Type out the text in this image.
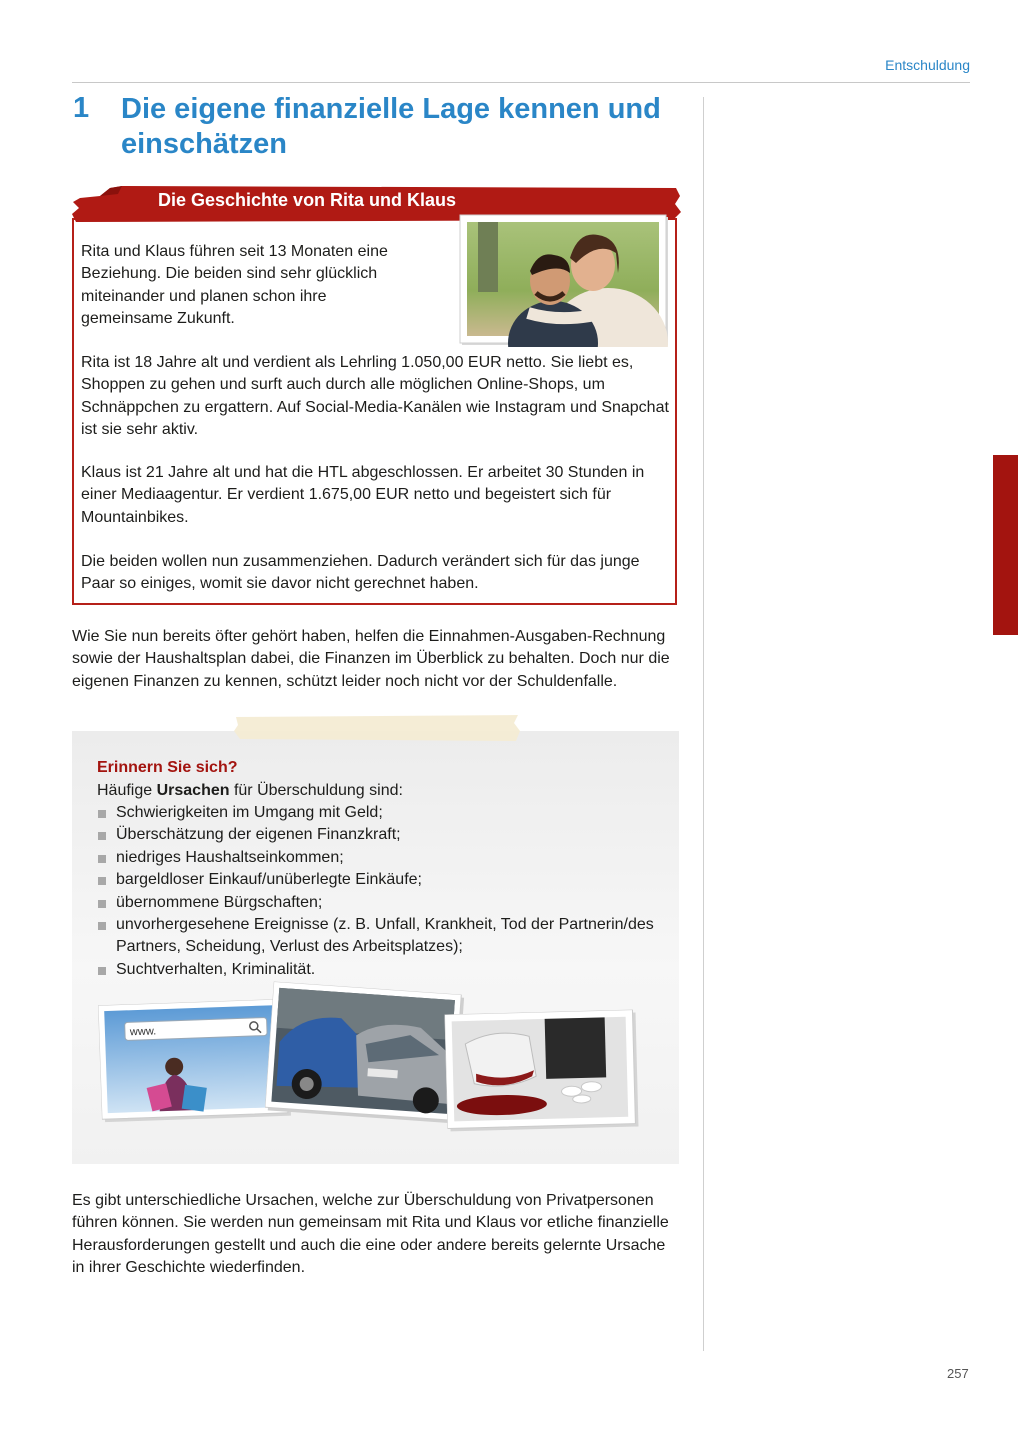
Entschuldung
1 Die eigene finanzielle Lage kennen und einschätzen
Die Geschichte von Rita und Klaus
Rita und Klaus führen seit 13 Monaten eine Beziehung. Die beiden sind sehr glücklich miteinander und planen schon ihre gemeinsame Zukunft.
Rita ist 18 Jahre alt und verdient als Lehrling 1.050,00 EUR netto. Sie liebt es, Shoppen zu gehen und surft auch durch alle möglichen Online-Shops, um Schnäppchen zu ergattern. Auf Social-Media-Kanälen wie Instagram und Snapchat ist sie sehr aktiv.
Klaus ist 21 Jahre alt und hat die HTL abgeschlossen. Er arbeitet 30 Stunden in einer Mediaagentur. Er verdient 1.675,00 EUR netto und begeistert sich für Mountainbikes.
Die beiden wollen nun zusammenziehen. Dadurch verändert sich für das junge Paar so einiges, womit sie davor nicht gerechnet haben.
Wie Sie nun bereits öfter gehört haben, helfen die Einnahmen-Ausgaben-Rechnung sowie der Haushaltsplan dabei, die Finanzen im Überblick zu behalten. Doch nur die eigenen Finanzen zu kennen, schützt leider noch nicht vor der Schuldenfalle.
Erinnern Sie sich?
Häufige Ursachen für Überschuldung sind:
Schwierigkeiten im Umgang mit Geld;
Überschätzung der eigenen Finanzkraft;
niedriges Haushaltseinkommen;
bargeldloser Einkauf/unüberlegte Einkäufe;
übernommene Bürgschaften;
unvorhergesehene Ereignisse (z. B. Unfall, Krankheit, Tod der Partnerin/des Partners, Scheidung, Verlust des Arbeitsplatzes);
Suchtverhalten, Kriminalität.
www.
Es gibt unterschiedliche Ursachen, welche zur Überschuldung von Privatpersonen führen können. Sie werden nun gemeinsam mit Rita und Klaus vor etliche finanzielle Herausforderungen gestellt und auch die eine oder andere bereits gelernte Ursache in ihrer Geschichte wiederfinden.
257
